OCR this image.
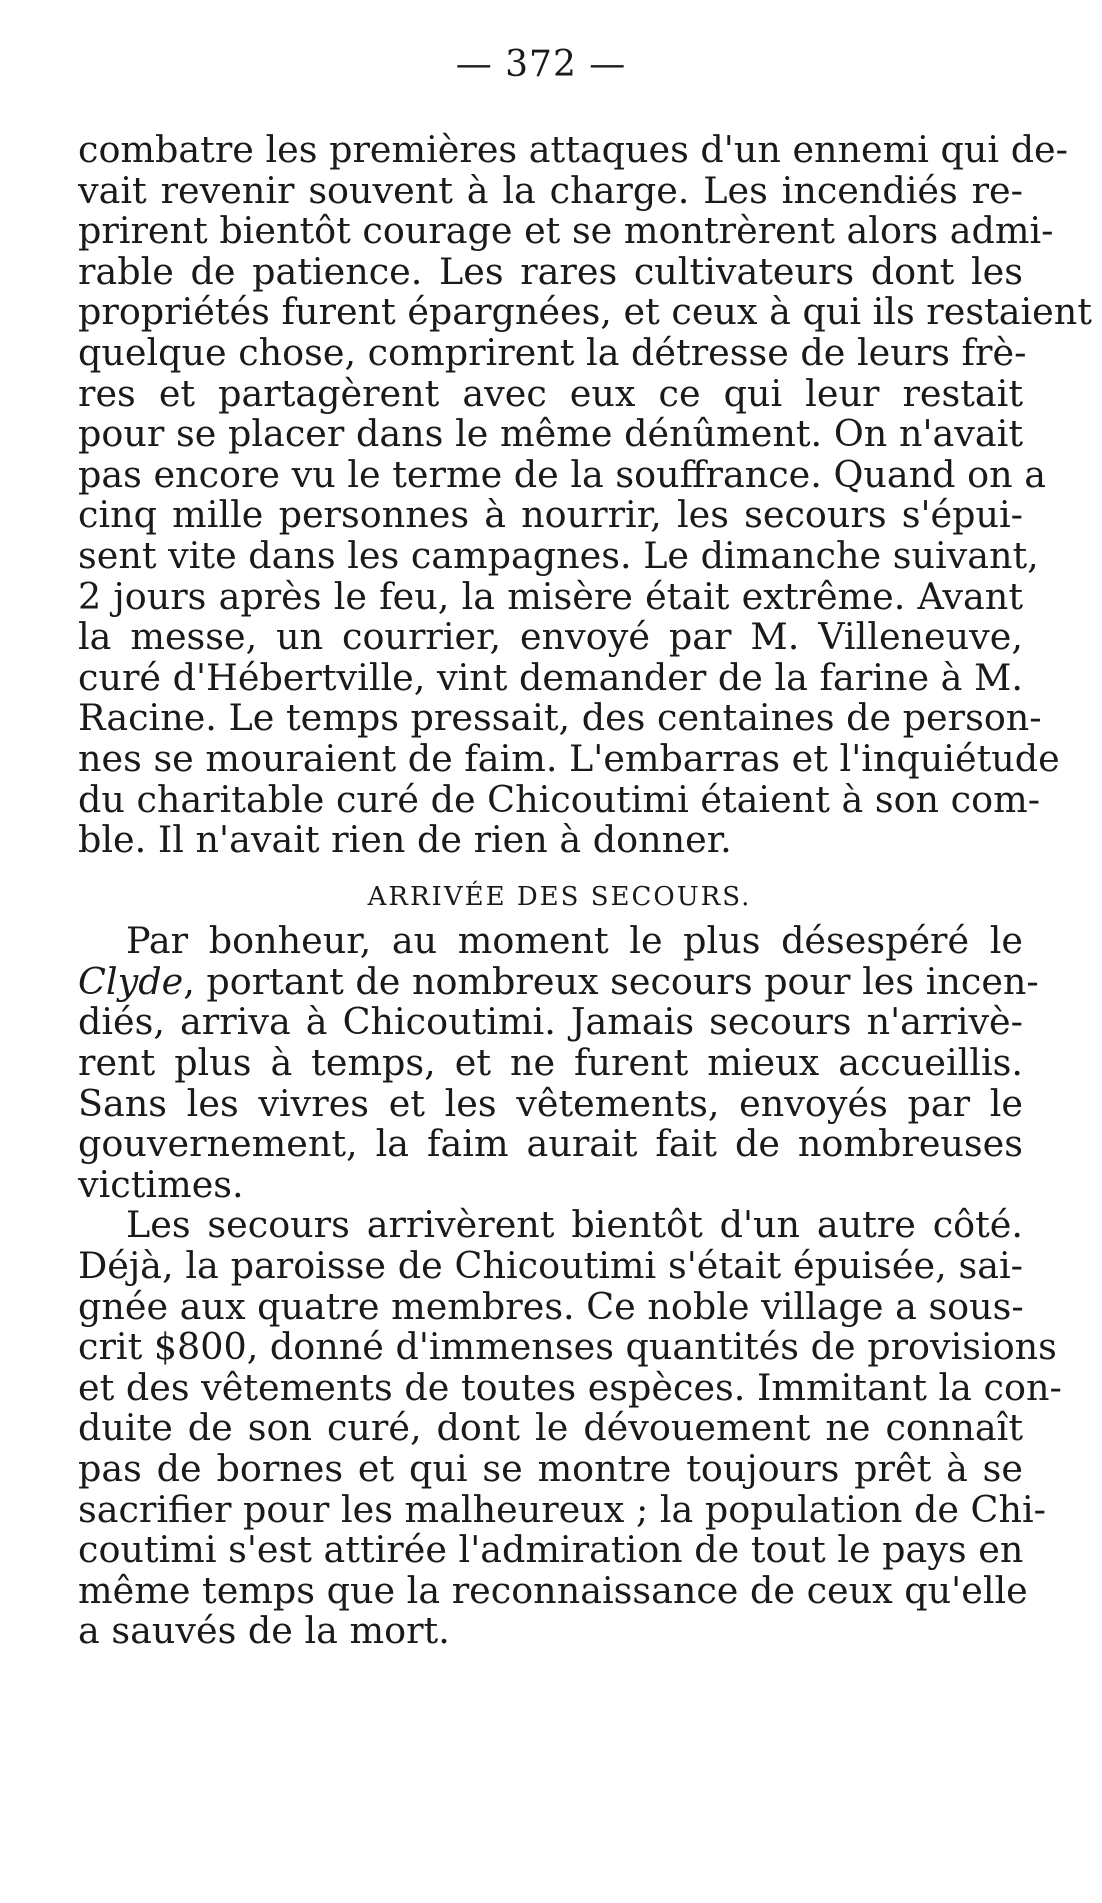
— 372 —
combatre les premières attaques d'un ennemi qui de-
vait revenir souvent à la charge. Les incendiés re-
prirent bientôt courage et se montrèrent alors admi-
rable de patience. Les rares cultivateurs dont les
propriétés furent épargnées, et ceux à qui ils restaient
quelque chose, comprirent la détresse de leurs frè-
res et partagèrent avec eux ce qui leur restait
pour se placer dans le même dénûment. On n'avait
pas encore vu le terme de la souffrance. Quand on a
cinq mille personnes à nourrir, les secours s'épui-
sent vite dans les campagnes. Le dimanche suivant,
2 jours après le feu, la misère était extrême. Avant
la messe, un courrier, envoyé par M. Villeneuve,
curé d'Hébertville, vint demander de la farine à M.
Racine. Le temps pressait, des centaines de person-
nes se mouraient de faim. L'embarras et l'inquiétude
du charitable curé de Chicoutimi étaient à son com-
ble. Il n'avait rien de rien à donner.
ARRIVÉE DES SECOURS.
Par bonheur, au moment le plus désespéré le
Clyde, portant de nombreux secours pour les incen-
diés, arriva à Chicoutimi. Jamais secours n'arrivè-
rent plus à temps, et ne furent mieux accueillis.
Sans les vivres et les vêtements, envoyés par le
gouvernement, la faim aurait fait de nombreuses
victimes.
Les secours arrivèrent bientôt d'un autre côté.
Déjà, la paroisse de Chicoutimi s'était épuisée, sai-
gnée aux quatre membres. Ce noble village a sous-
crit $800, donné d'immenses quantités de provisions
et des vêtements de toutes espèces. Immitant la con-
duite de son curé, dont le dévouement ne connaît
pas de bornes et qui se montre toujours prêt à se
sacrifier pour les malheureux ; la population de Chi-
coutimi s'est attirée l'admiration de tout le pays en
même temps que la reconnaissance de ceux qu'elle
a sauvés de la mort.
